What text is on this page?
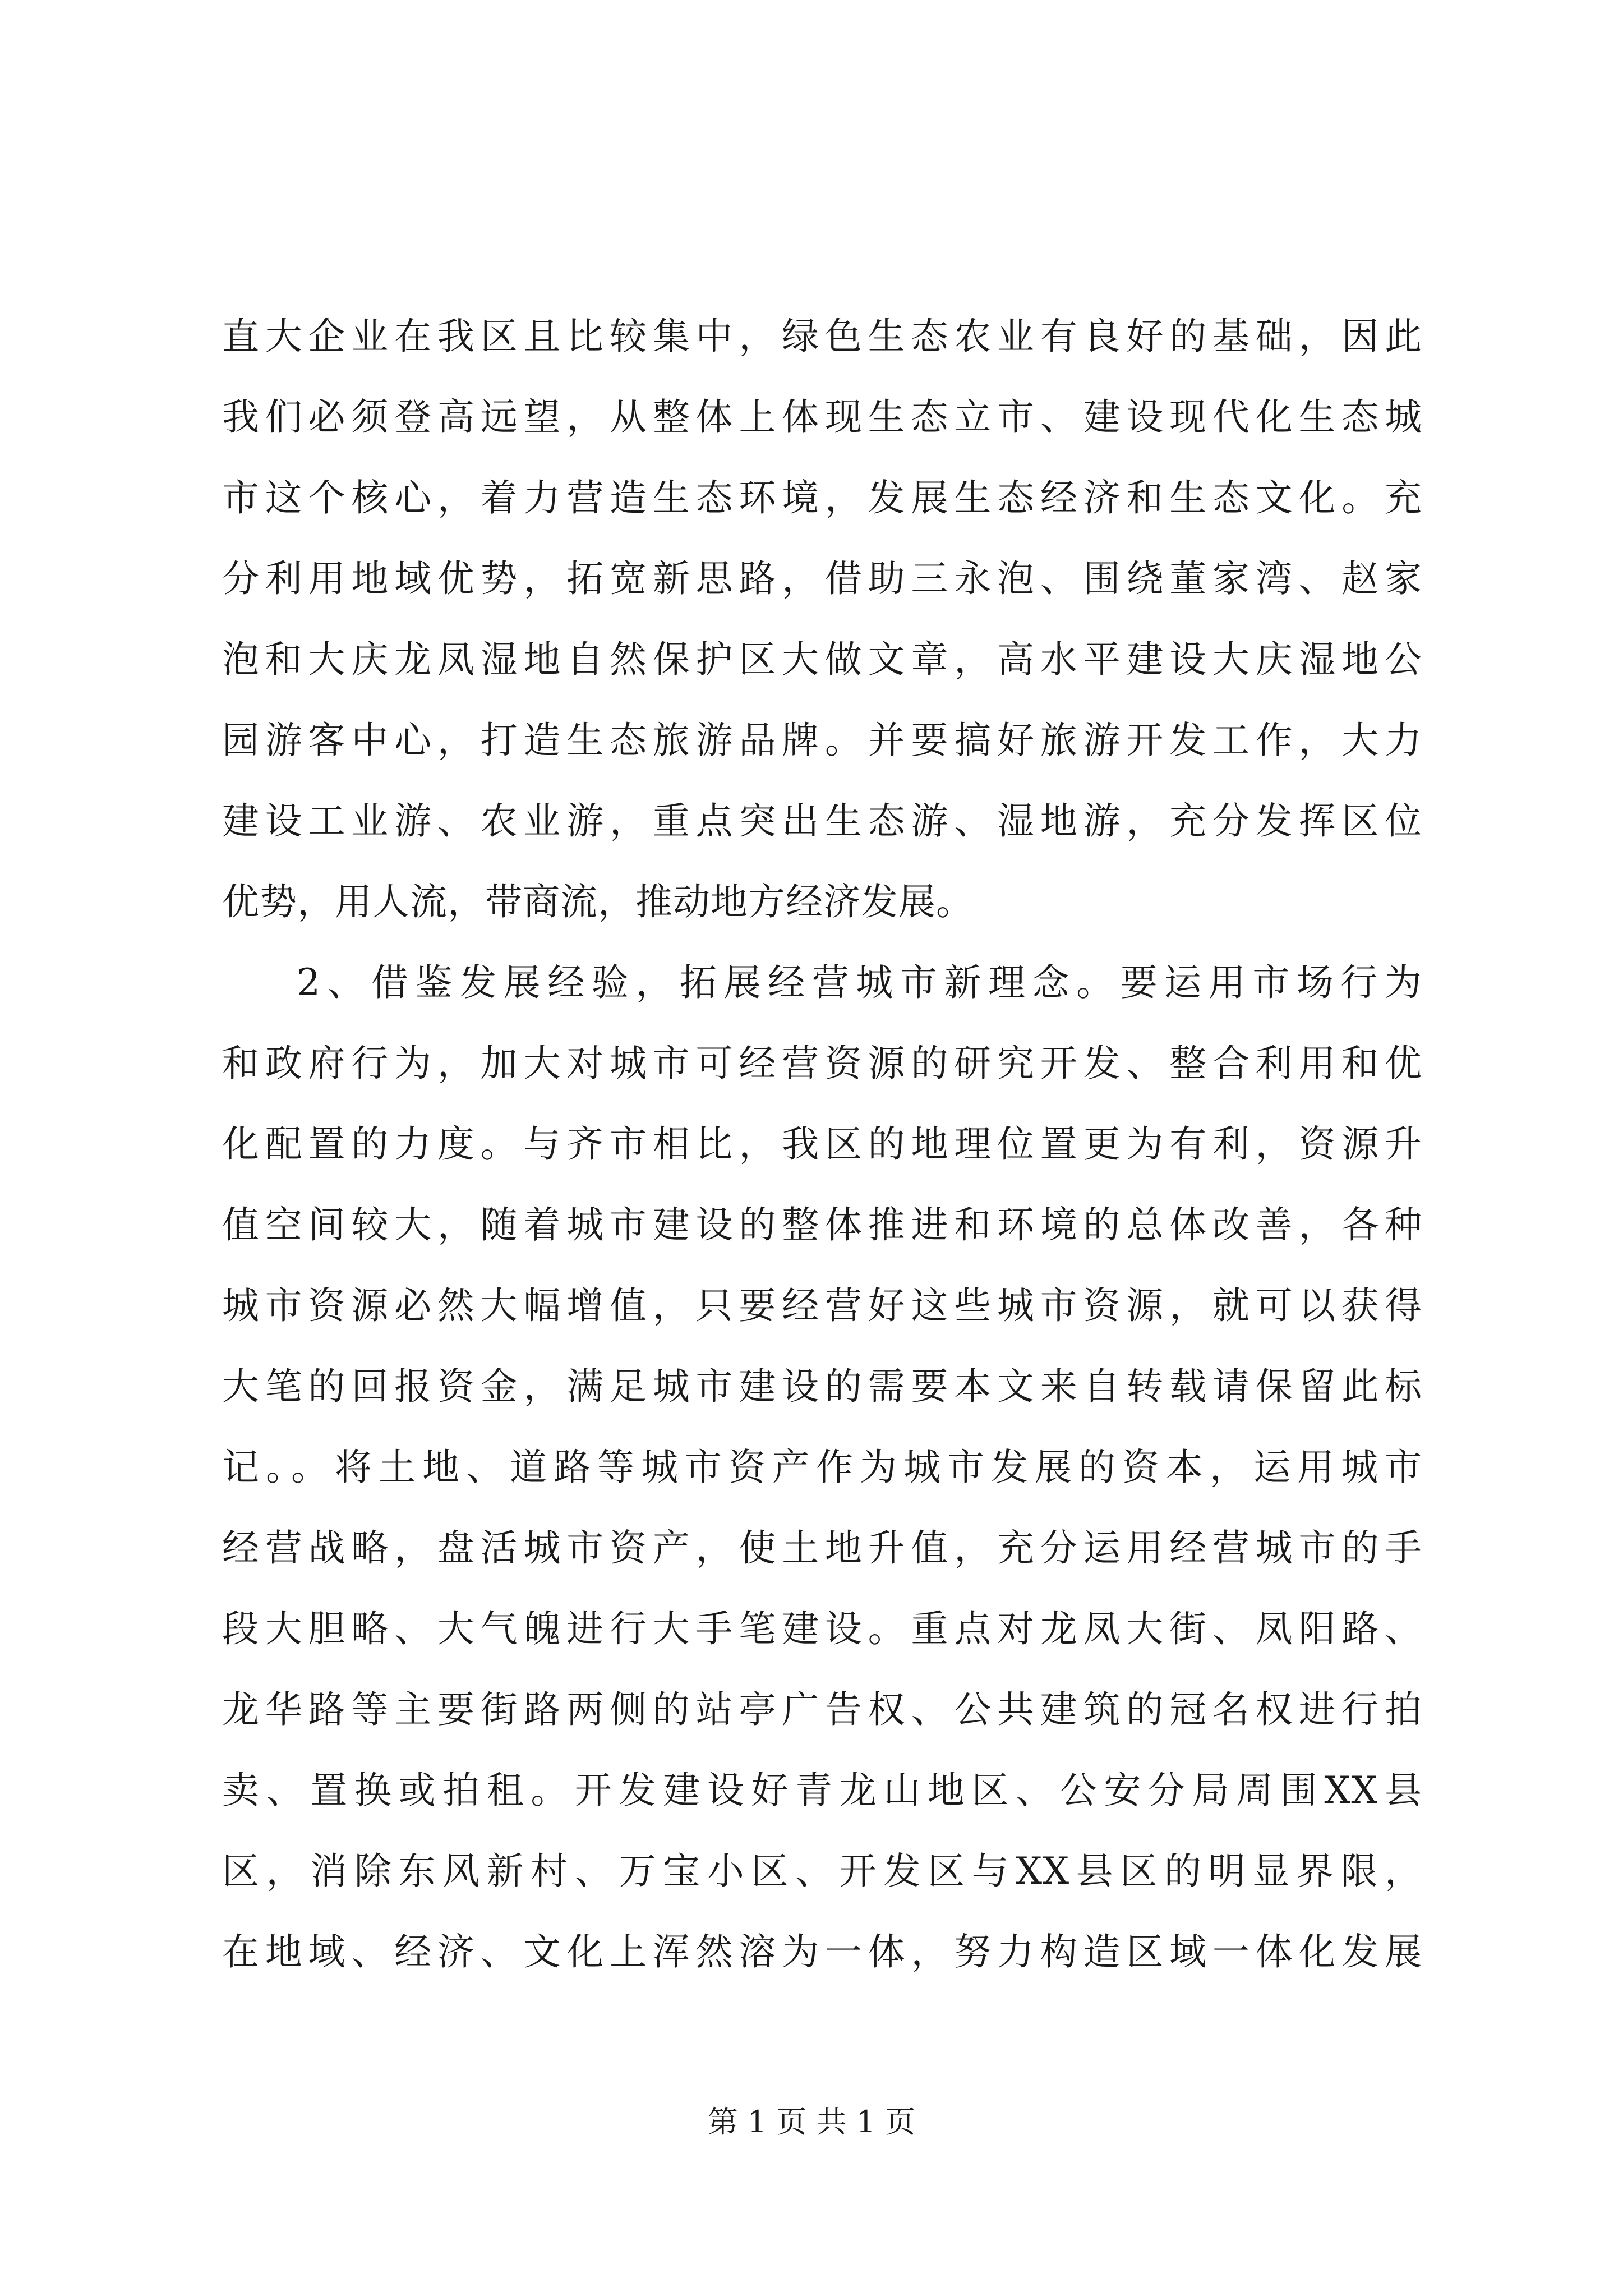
直大企业在我区且比较集中，绿色生态农业有良好的基础，因此
我们必须登高远望，从整体上体现生态立市、建设现代化生态城
市这个核心，着力营造生态环境，发展生态经济和生态文化。充
分利用地域优势，拓宽新思路，借助三永泡、围绕董家湾、赵家
泡和大庆龙凤湿地自然保护区大做文章，高水平建设大庆湿地公
园游客中心，打造生态旅游品牌。并要搞好旅游开发工作，大力
建设工业游、农业游，重点突出生态游、湿地游，充分发挥区位
优势，用人流，带商流，推动地方经济发展。
2、借鉴发展经验，拓展经营城市新理念。要运用市场行为
和政府行为，加大对城市可经营资源的研究开发、整合利用和优
化配置的力度。与齐市相比，我区的地理位置更为有利，资源升
值空间较大，随着城市建设的整体推进和环境的总体改善，各种
城市资源必然大幅增值，只要经营好这些城市资源，就可以获得
大笔的回报资金，满足城市建设的需要本文来自转载请保留此标
记。。将土地、道路等城市资产作为城市发展的资本，运用城市
经营战略，盘活城市资产，使土地升值，充分运用经营城市的手
段大胆略、大气魄进行大手笔建设。重点对龙凤大街、凤阳路、
龙华路等主要街路两侧的站亭广告权、公共建筑的冠名权进行拍
卖、置换或拍租。开发建设好青龙山地区、公安分局周围XX县
区，消除东风新村、万宝小区、开发区与XX县区的明显界限，
在地域、经济、文化上浑然溶为一体，努力构造区域一体化发展
第 1 页 共 1 页
